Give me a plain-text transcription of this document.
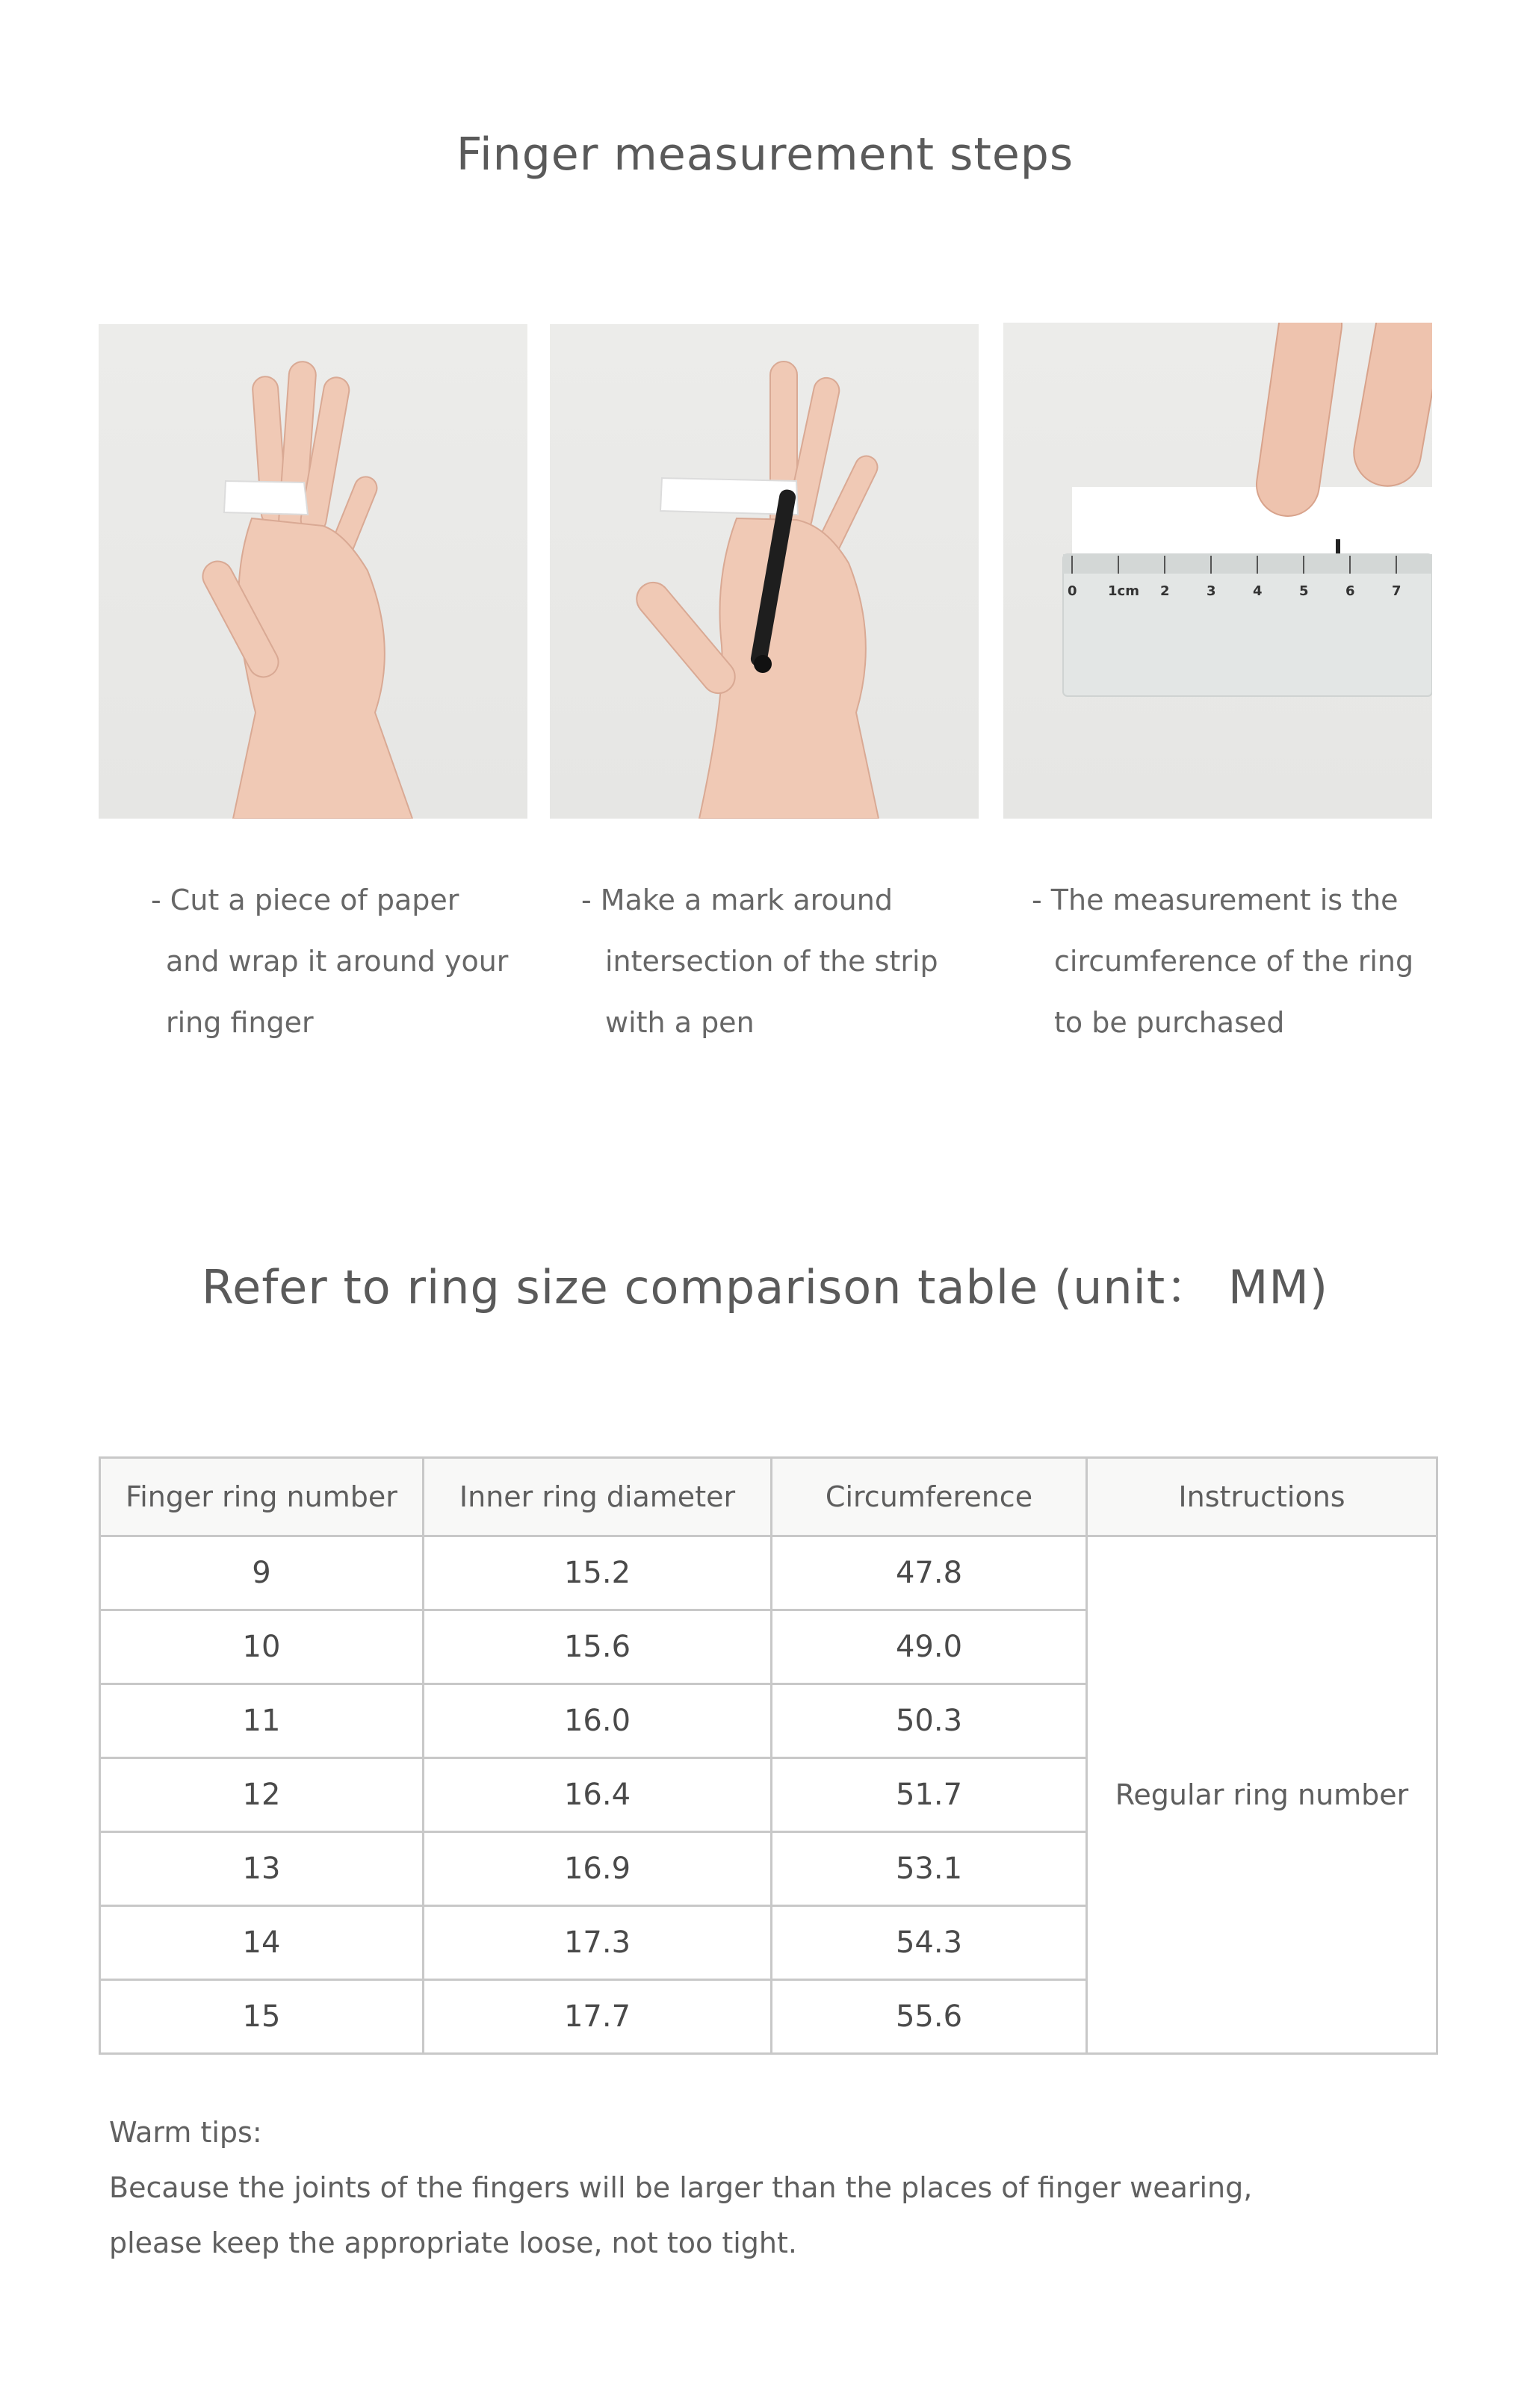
Finger measurement steps
0 1cm 2	3	4	5	6	7
- Cut a piece of paper
and wrap it around your
ring finger
- Make a mark around
intersection of the strip
with a pen
- The measurement is the
circumference of the ring
to be purchased
Refer to ring size comparison table (unit： MM)
Finger ring number	Inner ring diameter	Circumference	Instructions
9	15.2	47.8	Regular ring number
10	15.6	49.0	
11	16.0	50.3	
12	16.4	51.7	
13	16.9	53.1	
14	17.3	54.3	
15	17.7	55.6	
Warm tips:
Because the joints of the fingers will be larger than the places of finger wearing,
please keep the appropriate loose, not too tight.
